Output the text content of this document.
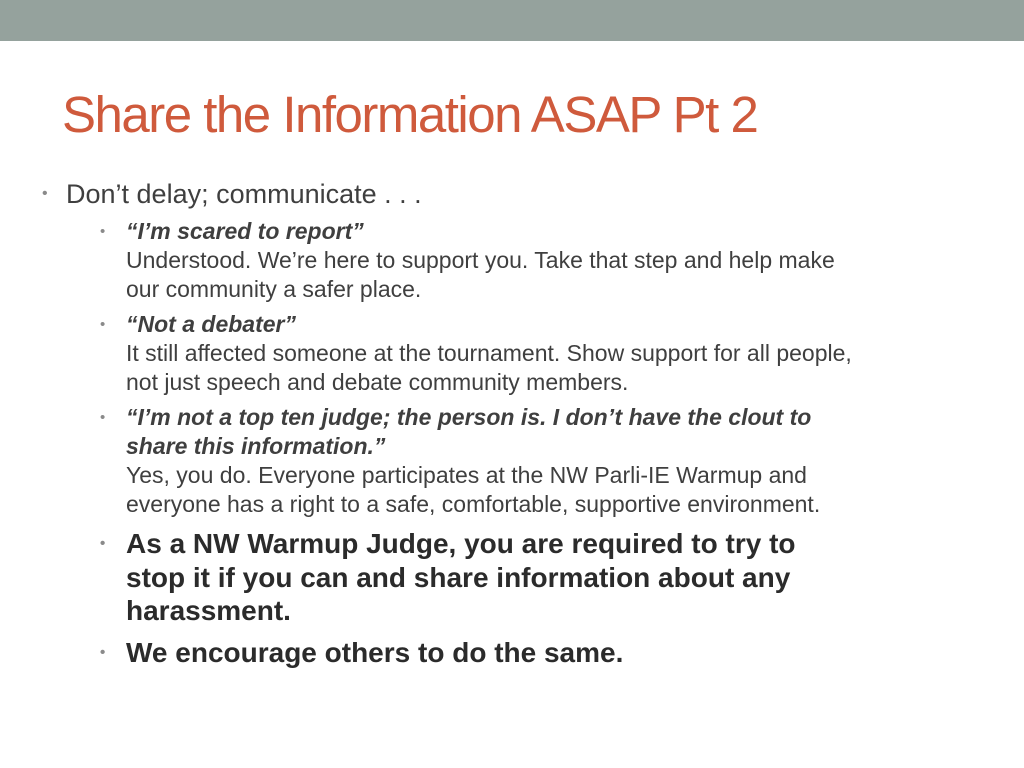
Share the Information ASAP Pt 2
• Don’t delay; communicate . . .
• “I’m scared to report”
Understood. We’re here to support you. Take that step and help make our community a safer place.
• “Not a debater”
It still affected someone at the tournament. Show support for all people, not just speech and debate community members.
• “I’m not a top ten judge; the person is. I don’t have the clout to share this information.”
Yes, you do. Everyone participates at the NW Parli-IE Warmup and everyone has a right to a safe, comfortable, supportive environment.
• As a NW Warmup Judge, you are required to try to stop it if you can and share information about any harassment.
• We encourage others to do the same.
